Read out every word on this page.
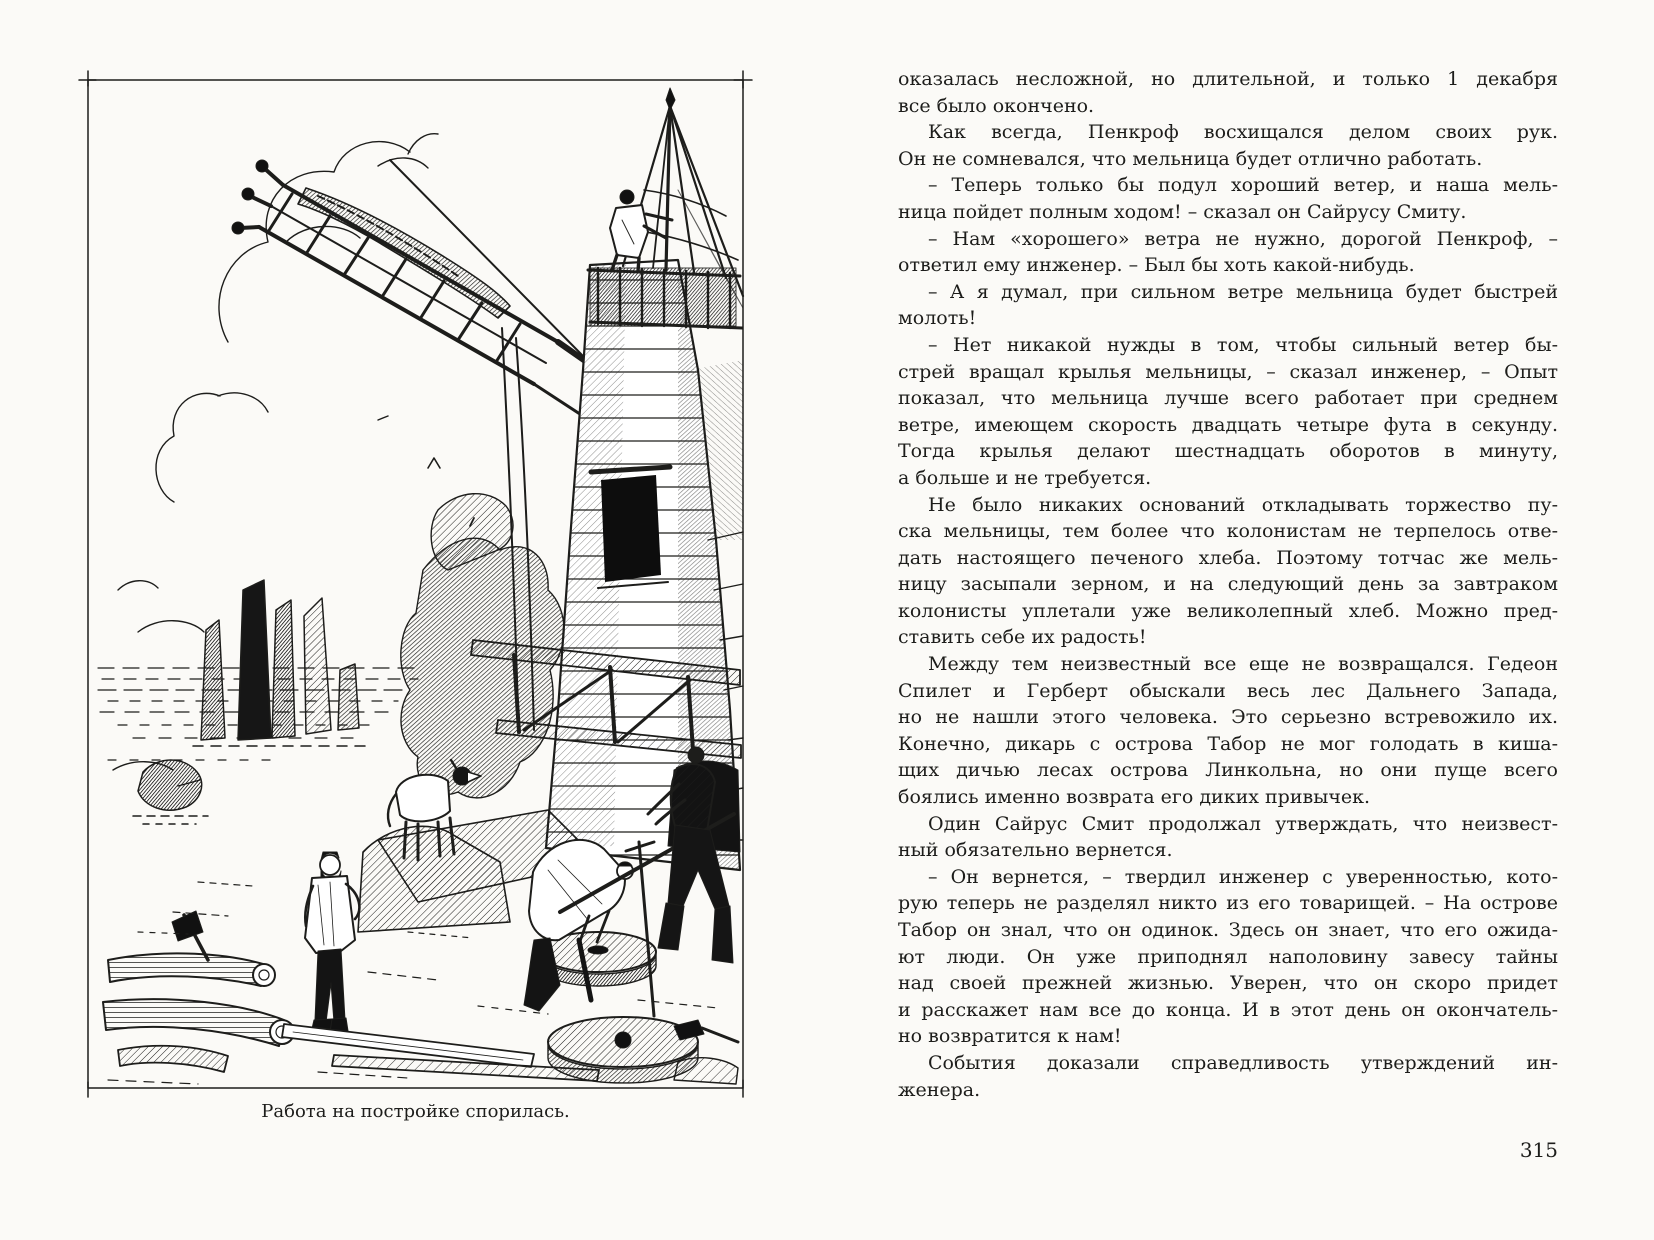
Работа на постройке спорилась.
оказалась несложной, но длительной, и только 1 декабря
все было окончено.
Как всегда, Пенкроф восхищался делом своих рук.
Он не сомневался, что мельница будет отлично работать.
– Теперь только бы подул хороший ветер, и наша мель-
ница пойдет полным ходом! – сказал он Сайрусу Смиту.
– Нам «хорошего» ветра не нужно, дорогой Пенкроф, –
ответил ему инженер. – Был бы хоть какой-нибудь.
– А я думал, при сильном ветре мельница будет быстрей
молоть!
– Нет никакой нужды в том, чтобы сильный ветер бы-
стрей вращал крылья мельницы, – сказал инженер, – Опыт
показал, что мельница лучше всего работает при среднем
ветре, имеющем скорость двадцать четыре фута в секунду.
Тогда крылья делают шестнадцать оборотов в минуту,
а больше и не требуется.
Не было никаких оснований откладывать торжество пу-
ска мельницы, тем более что колонистам не терпелось отве-
дать настоящего печеного хлеба. Поэтому тотчас же мель-
ницу засыпали зерном, и на следующий день за завтраком
колонисты уплетали уже великолепный хлеб. Можно пред-
ставить себе их радость!
Между тем неизвестный все еще не возвращался. Гедеон
Спилет и Герберт обыскали весь лес Дальнего Запада,
но не нашли этого человека. Это серьезно встревожило их.
Конечно, дикарь с острова Табор не мог голодать в киша-
щих дичью лесах острова Линкольна, но они пуще всего
боялись именно возврата его диких привычек.
Один Сайрус Смит продолжал утверждать, что неизвест-
ный обязательно вернется.
– Он вернется, – твердил инженер с уверенностью, кото-
рую теперь не разделял никто из его товарищей. – На острове
Табор он знал, что он одинок. Здесь он знает, что его ожида-
ют люди. Он уже приподнял наполовину завесу тайны
над своей прежней жизнью. Уверен, что он скоро придет
и расскажет нам все до конца. И в этот день он окончатель-
но возвратится к нам!
События доказали справедливость утверждений ин-
женера.
315
